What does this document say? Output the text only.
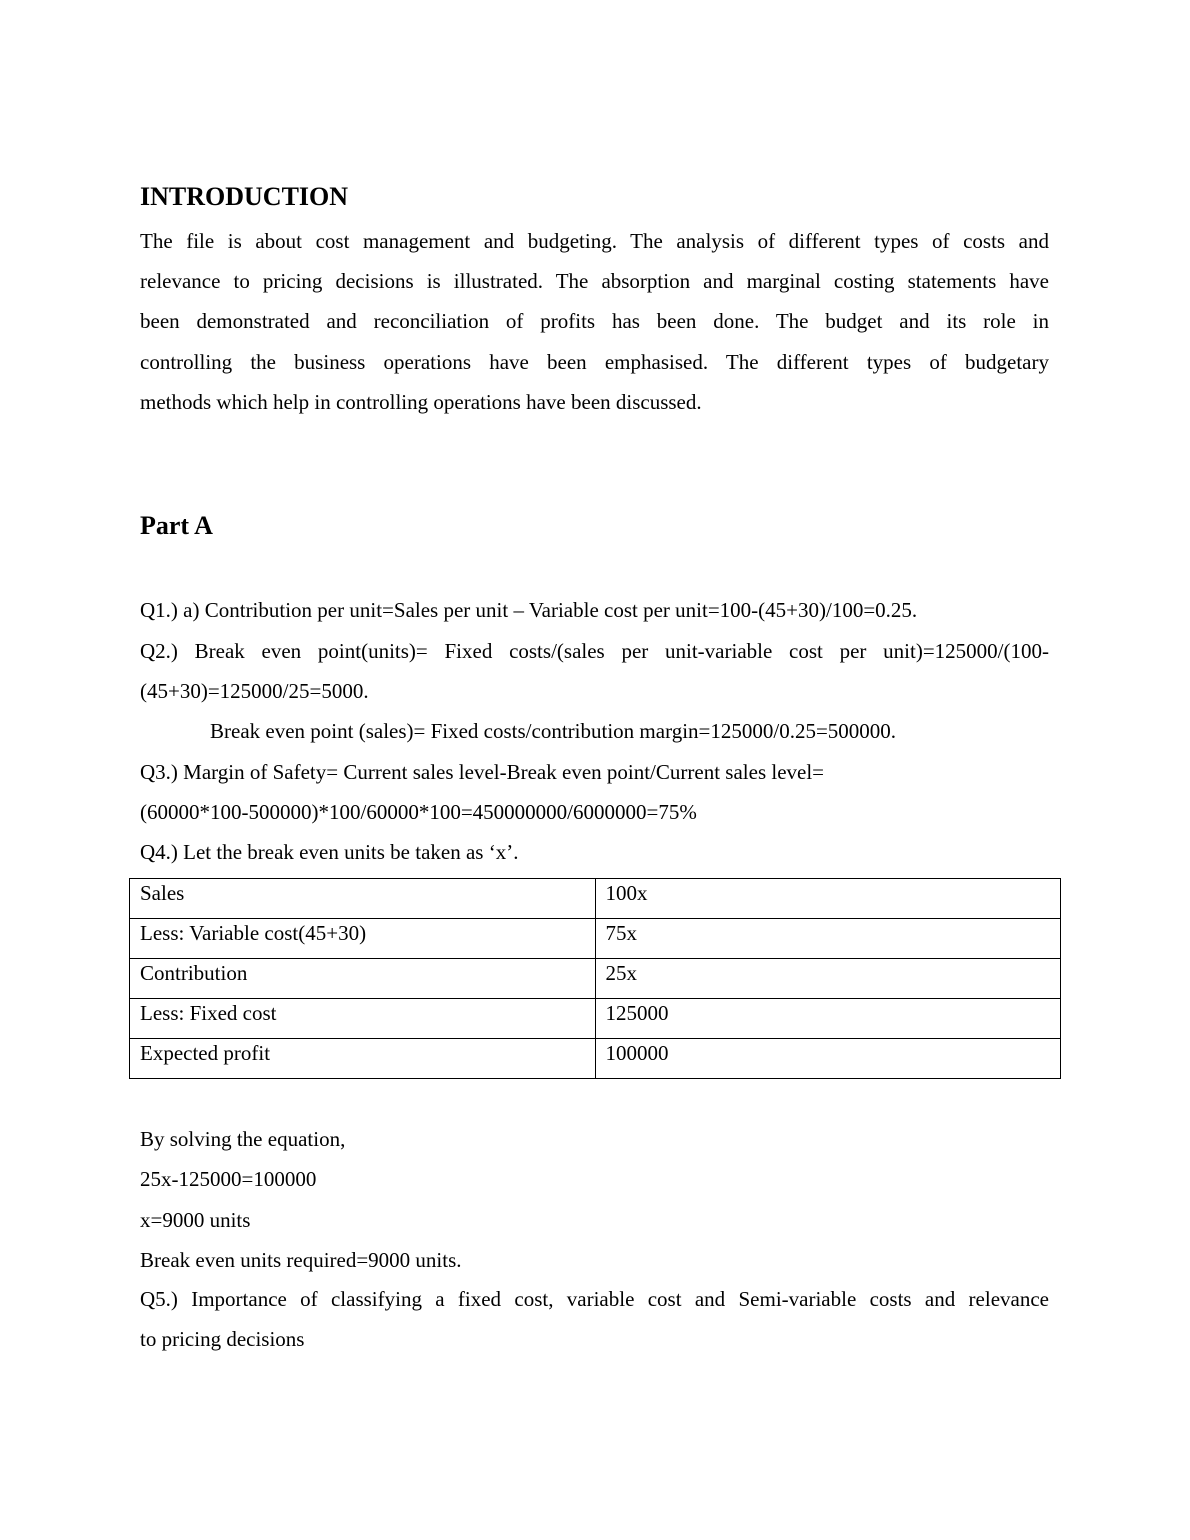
INTRODUCTION
The file is about cost management and budgeting. The analysis of different types of costs and
relevance to pricing decisions is illustrated. The absorption and marginal costing statements have
been demonstrated and reconciliation of profits has been done. The budget and its role in
controlling the business operations have been emphasised. The different types of budgetary
methods which help in controlling operations have been discussed.
Part A
Q1.) a) Contribution per unit=Sales per unit – Variable cost per unit=100-(45+30)/100=0.25.
Q2.) Break even point(units)= Fixed costs/(sales per unit-variable cost per unit)=125000/(100-
(45+30)=125000/25=5000.
Break even point (sales)= Fixed costs/contribution margin=125000/0.25=500000.
Q3.) Margin of Safety= Current sales level-Break even point/Current sales level=
(60000*100-500000)*100/60000*100=450000000/6000000=75%
Q4.) Let the break even units be taken as ‘x’.
Sales	100x
Less: Variable cost(45+30)	75x
Contribution	25x
Less: Fixed cost	125000
Expected profit	100000
By solving the equation,
25x-125000=100000
x=9000 units
Break even units required=9000 units.
Q5.) Importance of classifying a fixed cost, variable cost and Semi-variable costs and relevance
to pricing decisions
